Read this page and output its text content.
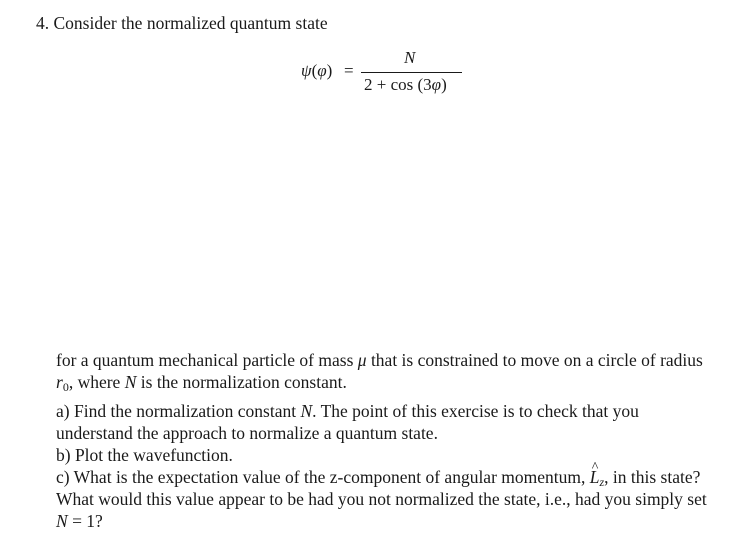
4. Consider the normalized quantum state
ψ(φ) =
N
2 + cos (3φ)

for a quantum mechanical particle of mass μ that is constrained to move on a circle of radius $r_0$, where N is the normalization constant.

a) Find the normalization constant N. The point of this exercise is to check that you understand the approach to normalize a quantum state.

b) Plot the wavefunction.

c) What is the expectation value of the z-component of angular momentum, ^ $L_z$, in this state? What would this value appear to be had you not normalized the state, i.e., had you simply set N = 1?
